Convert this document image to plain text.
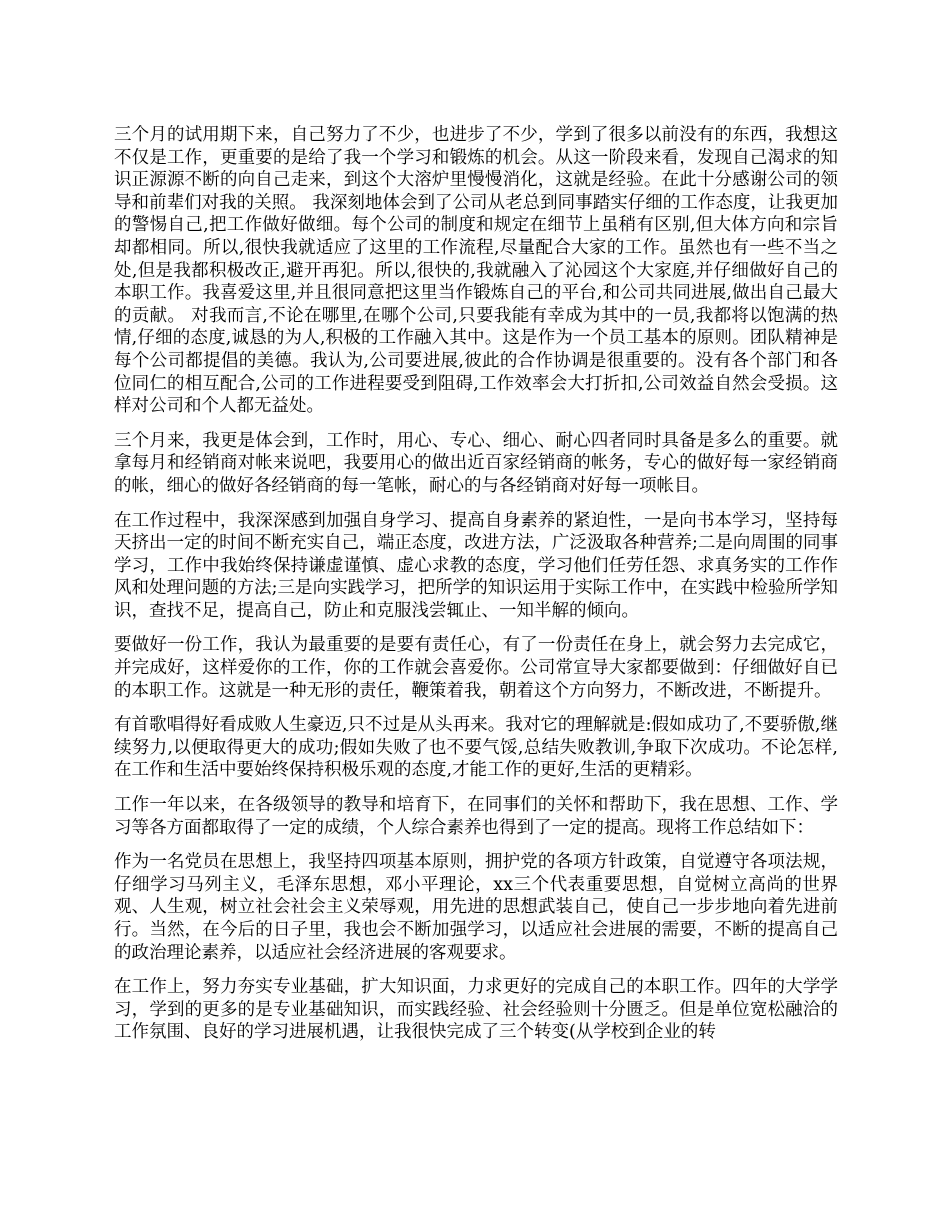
三个月的试用期下来，自己努力了不少，也进步了不少，学到了很多以前没有的东西，我想这不仅是工作，更重要的是给了我一个学习和锻炼的机会。从这一阶段来看，发现自己渴求的知识正源源不断的向自己走来，到这个大溶炉里慢慢消化，这就是经验。在此十分感谢公司的领导和前辈们对我的关照。 我深刻地体会到了公司从老总到同事踏实仔细的工作态度，让我更加的警惕自己,把工作做好做细。每个公司的制度和规定在细节上虽稍有区别,但大体方向和宗旨却都相同。所以,很快我就适应了这里的工作流程,尽量配合大家的工作。虽然也有一些不当之处,但是我都积极改正,避开再犯。所以,很快的,我就融入了沁园这个大家庭,并仔细做好自己的本职工作。我喜爱这里,并且很同意把这里当作锻炼自己的平台,和公司共同进展,做出自己最大的贡献。 对我而言,不论在哪里,在哪个公司,只要我能有幸成为其中的一员,我都将以饱满的热情,仔细的态度,诚恳的为人,积极的工作融入其中。这是作为一个员工基本的原则。团队精神是每个公司都提倡的美德。我认为,公司要进展,彼此的合作协调是很重要的。没有各个部门和各位同仁的相互配合,公司的工作进程要受到阻碍,工作效率会大打折扣,公司效益自然会受损。这样对公司和个人都无益处。

三个月来，我更是体会到，工作时，用心、专心、细心、耐心四者同时具备是多么的重要。就拿每月和经销商对帐来说吧，我要用心的做出近百家经销商的帐务，专心的做好每一家经销商的帐，细心的做好各经销商的每一笔帐，耐心的与各经销商对好每一项帐目。

在工作过程中，我深深感到加强自身学习、提高自身素养的紧迫性，一是向书本学习，坚持每天挤出一定的时间不断充实自己，端正态度，改进方法，广泛汲取各种营养;二是向周围的同事学习，工作中我始终保持谦虚谨慎、虚心求教的态度，学习他们任劳任怨、求真务实的工作作风和处理问题的方法;三是向实践学习，把所学的知识运用于实际工作中，在实践中检验所学知识，查找不足，提高自己，防止和克服浅尝辄止、一知半解的倾向。

要做好一份工作，我认为最重要的是要有责任心，有了一份责任在身上，就会努力去完成它，并完成好，这样爱你的工作，你的工作就会喜爱你。公司常宣导大家都要做到：仔细做好自已的本职工作。这就是一种无形的责任，鞭策着我，朝着这个方向努力，不断改进，不断提升。

有首歌唱得好看成败人生豪迈,只不过是从头再来。我对它的理解就是:假如成功了,不要骄傲,继续努力,以便取得更大的成功;假如失败了也不要气馁,总结失败教训,争取下次成功。不论怎样,在工作和生活中要始终保持积极乐观的态度,才能工作的更好,生活的更精彩。

工作一年以来，在各级领导的教导和培育下，在同事们的关怀和帮助下，我在思想、工作、学习等各方面都取得了一定的成绩，个人综合素养也得到了一定的提高。现将工作总结如下：

作为一名党员在思想上，我坚持四项基本原则，拥护党的各项方针政策，自觉遵守各项法规，仔细学习马列主义，毛泽东思想，邓小平理论，xx三个代表重要思想，自觉树立高尚的世界观、人生观，树立社会社会主义荣辱观，用先进的思想武装自己，使自己一步步地向着先进前行。当然，在今后的日子里，我也会不断加强学习，以适应社会进展的需要，不断的提高自己的政治理论素养，以适应社会经济进展的客观要求。

在工作上，努力夯实专业基础，扩大知识面，力求更好的完成自己的本职工作。四年的大学学习，学到的更多的是专业基础知识，而实践经验、社会经验则十分匮乏。但是单位宽松融洽的工作氛围、良好的学习进展机遇，让我很快完成了三个转变(从学校到企业的转
